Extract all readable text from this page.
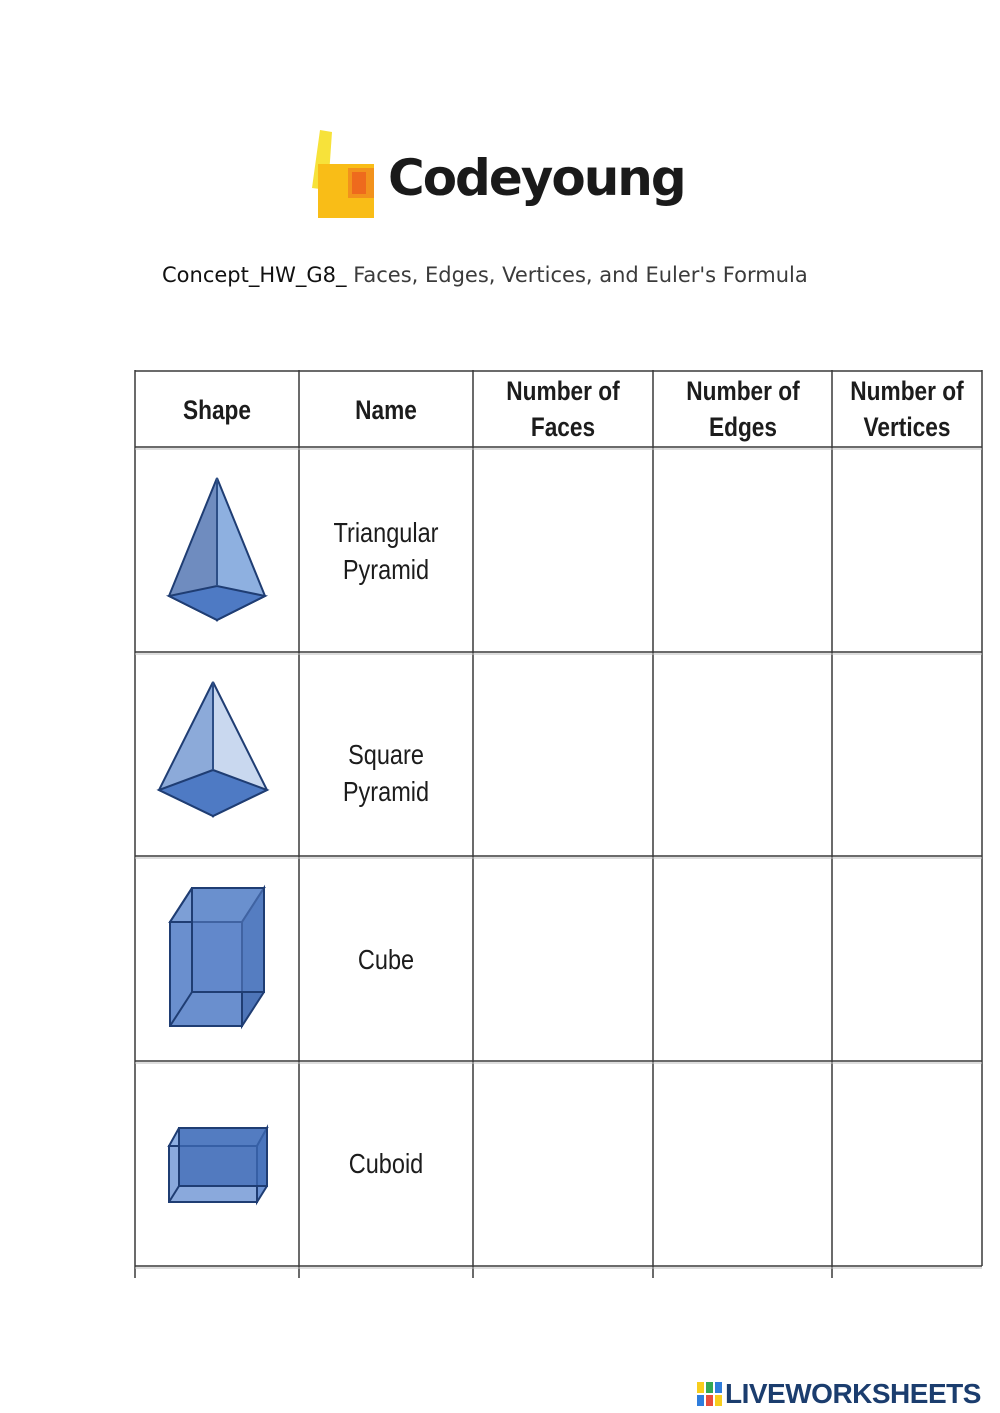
Codeyoung
Concept_HW_G8_ Faces, Edges, Vertices, and Euler's Formula
Shape	Name
Number of
Faces
Number of
Edges
Number of
Vertices
Triangular
Pyramid
Square Pyramid
Cube
Cuboid
LIVEWORKSHEETS
